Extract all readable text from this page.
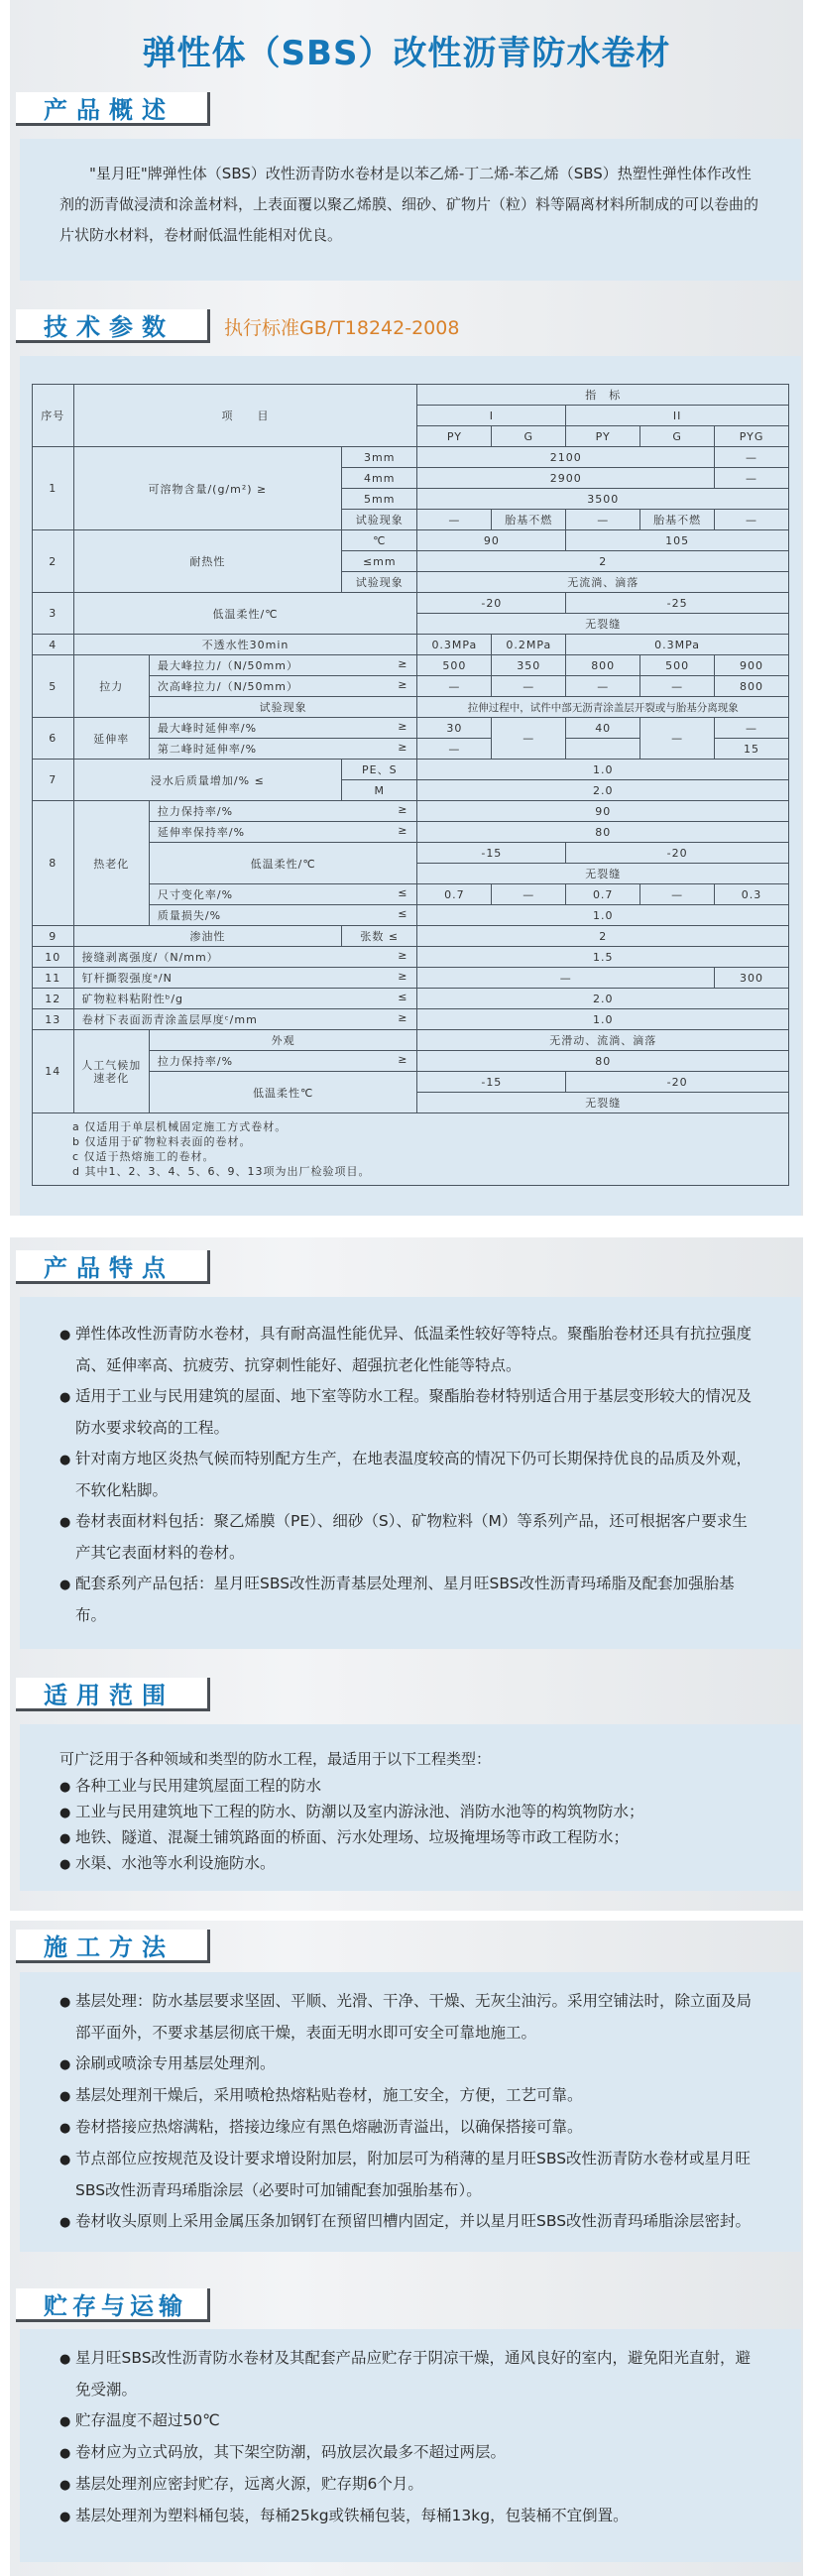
弹性体（SBS）改性沥青防水卷材
产品概述

"星月旺"牌弹性体（SBS）改性沥青防水卷材是以苯乙烯-丁二烯-苯乙烯（SBS）热塑性弹性体作改性剂的沥青做浸渍和涂盖材料，上表面覆以聚乙烯膜、细砂、矿物片（粒）料等隔离材料所制成的可以卷曲的片状防水材料，卷材耐低温性能相对优良。

技术参数	执行标准GB/T18242-2008
序号	项　　目			指　标				
				I		II		
				PY	G	PY	G	PYG
1	可溶物含量/(g/m²) ≥		3mm	2100				—
			4mm	2900				—
			5mm	3500				
			试验现象	—	胎基不燃	—	胎基不燃	—
2	耐热性		℃	90		105		
			≤mm	2				
			试验现象	无流淌、滴落				
3	低温柔性/℃			-20		-25		
				无裂缝				
4	不透水性30min			0.3MPa	0.2MPa	0.3MPa		
5	拉力	最大峰拉力/（N/50mm） ≥		500	350	800	500	900
		次高峰拉力/（N/50mm） ≥		—	—	—	—	800
		试验现象		拉伸过程中，试件中部无沥青涂盖层开裂或与胎基分离现象				
6	延伸率	最大峰时延伸率/% ≥		30	—	40	—	—
		第二峰时延伸率/% ≥		—				15
7	浸水后质量增加/% ≤		PE、S	1.0				
			M	2.0				
8	热老化	拉力保持率/% ≥		90				
		延伸率保持率/% ≥		80				
		低温柔性/℃		-15		-20		
				无裂缝				
		尺寸变化率/% ≤		0.7	—	0.7	—	0.3
		质量损失/% ≤		1.0				
9	渗油性		张数 ≤	2				
10	接缝剥离强度/（N/mm） ≥			1.5				
11	钉杆撕裂强度ᵃ/N ≥			—				300
12	矿物粒料粘附性ᵇ/g ≤			2.0				
13	卷材下表面沥青涂盖层厚度ᶜ/mm ≥			1.0				
14	人工气候加速老化	外观		无滑动、流淌、滴落				
		拉力保持率/% ≥		80				
		低温柔性℃		-15		-20		
				无裂缝				

a 仅适用于单层机械固定施工方式卷材。
b 仅适用于矿物粒料表面的卷材。
c 仅适于热熔施工的卷材。
d 其中1、2、3、4、5、6、9、13项为出厂检验项目。								
产品特点
● 弹性体改性沥青防水卷材，具有耐高温性能优异、低温柔性较好等特点。聚酯胎卷材还具有抗拉强度高、延伸率高、抗疲劳、抗穿刺性能好、超强抗老化性能等特点。
● 适用于工业与民用建筑的屋面、地下室等防水工程。聚酯胎卷材特别适合用于基层变形较大的情况及防水要求较高的工程。
● 针对南方地区炎热气候而特别配方生产，在地表温度较高的情况下仍可长期保持优良的品质及外观，不软化粘脚。
● 卷材表面材料包括：聚乙烯膜（PE）、细砂（S）、矿物粒料（M）等系列产品，还可根据客户要求生产其它表面材料的卷材。
● 配套系列产品包括：星月旺SBS改性沥青基层处理剂、星月旺SBS改性沥青玛琋脂及配套加强胎基布。
适用范围

可广泛用于各种领域和类型的防水工程，最适用于以下工程类型：

● 各种工业与民用建筑屋面工程的防水
● 工业与民用建筑地下工程的防水、防潮以及室内游泳池、消防水池等的构筑物防水；
● 地铁、隧道、混凝土铺筑路面的桥面、污水处理场、垃圾掩埋场等市政工程防水；
● 水渠、水池等水利设施防水。
施工方法
● 基层处理：防水基层要求坚固、平顺、光滑、干净、干燥、无灰尘油污。采用空铺法时，除立面及局部平面外，不要求基层彻底干燥，表面无明水即可安全可靠地施工。
● 涂刷或喷涂专用基层处理剂。
● 基层处理剂干燥后，采用喷枪热熔粘贴卷材，施工安全，方便，工艺可靠。
● 卷材搭接应热熔满粘，搭接边缘应有黑色熔融沥青溢出，以确保搭接可靠。
● 节点部位应按规范及设计要求增设附加层，附加层可为稍薄的星月旺SBS改性沥青防水卷材或星月旺SBS改性沥青玛琋脂涂层（必要时可加铺配套加强胎基布）。
● 卷材收头原则上采用金属压条加钢钉在预留凹槽内固定，并以星月旺SBS改性沥青玛琋脂涂层密封。
贮存与运输
● 星月旺SBS改性沥青防水卷材及其配套产品应贮存于阴凉干燥，通风良好的室内，避免阳光直射，避免受潮。
● 贮存温度不超过50℃
● 卷材应为立式码放，其下架空防潮，码放层次最多不超过两层。
● 基层处理剂应密封贮存，远离火源，贮存期6个月。
● 基层处理剂为塑料桶包装，每桶25kg或铁桶包装，每桶13kg，包装桶不宜倒置。
